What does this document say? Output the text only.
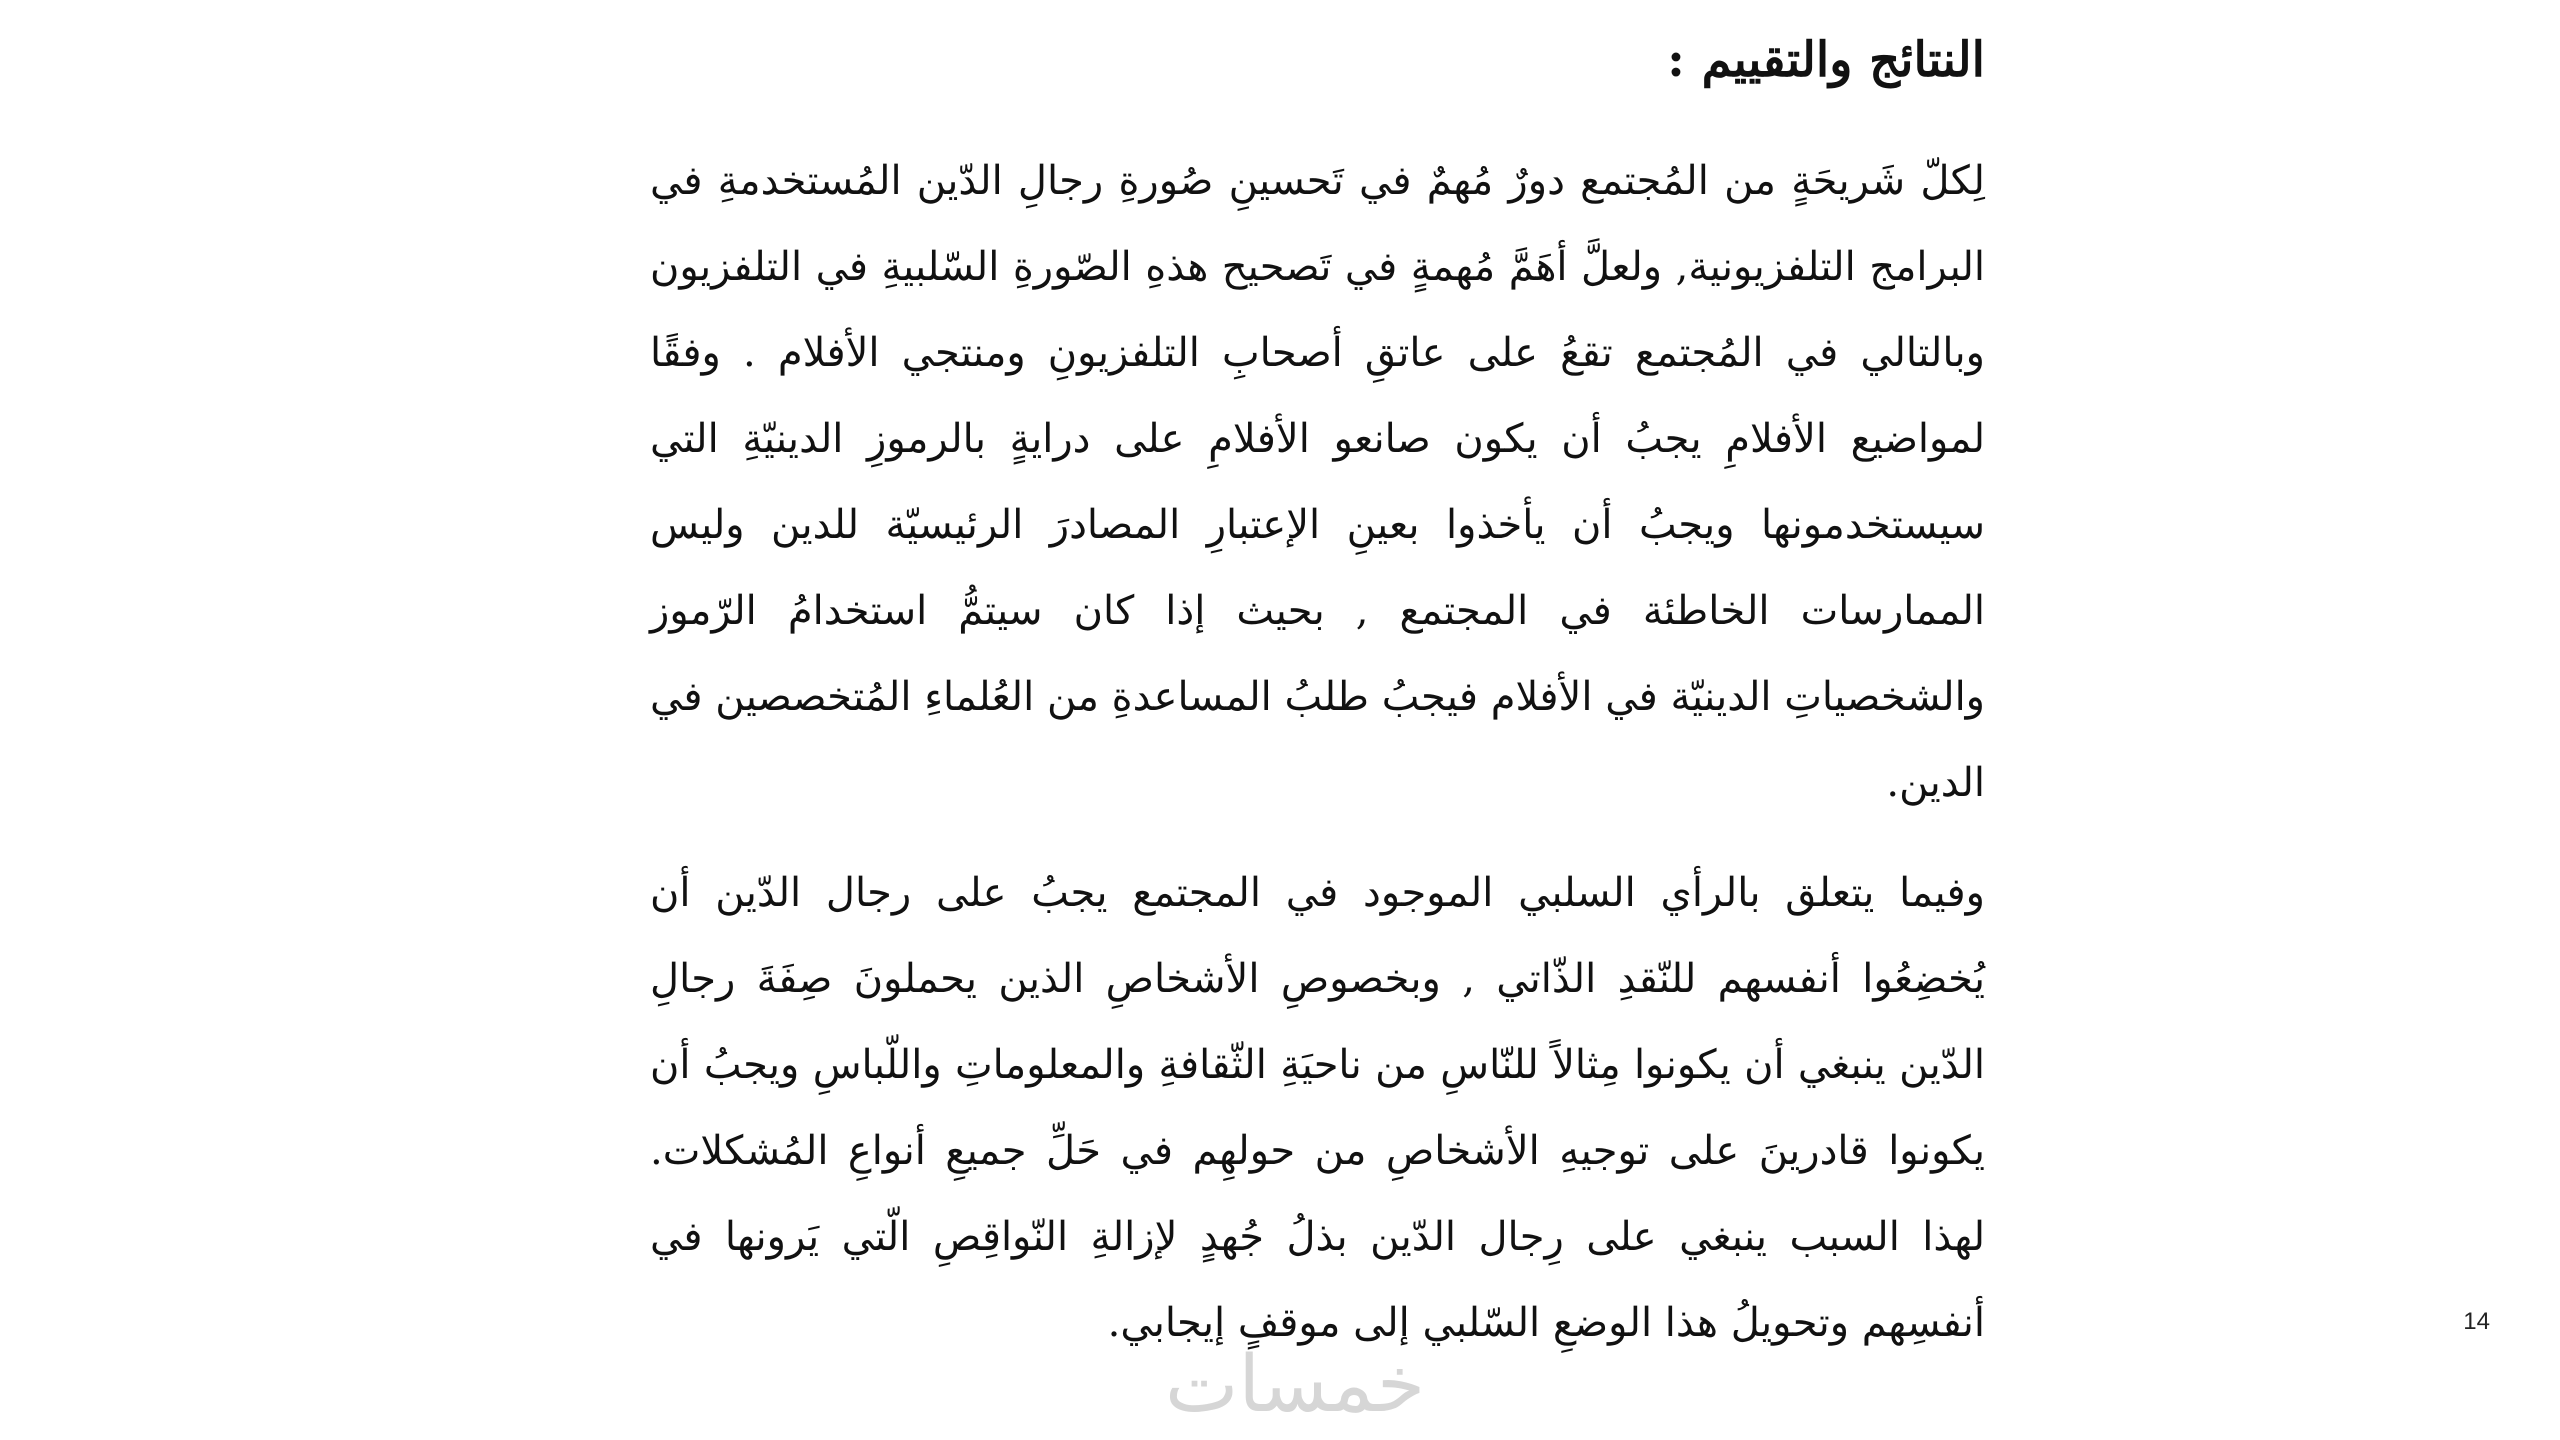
النتائج والتقييم :

لِكلّ شَريحَةٍ من المُجتمع دورٌ مُهمٌ في تَحسينِ صُورةِ رجالِ الدّين المُستخدمةِ في البرامج التلفزيونية, ولعلَّ أهَمَّ مُهمةٍ في تَصحيح هذهِ الصّورةِ السّلبيةِ في التلفزيون وبالتالي في المُجتمع تقعُ على عاتقِ أصحابِ التلفزيونِ ومنتجي الأفلام . وفقًا لمواضيع الأفلامِ يجبُ أن يكون صانعو الأفلامِ على درايةٍ بالرموزِ الدينيّةِ التي سيستخدمونها ويجبُ أن يأخذوا بعينِ الإعتبارِ المصادرَ الرئيسيّة للدين وليس الممارسات الخاطئة في المجتمع , بحيث إذا كان سيتمُّ استخدامُ الرّموز والشخصياتِ الدينيّة في الأفلام فيجبُ طلبُ المساعدةِ من العُلماءِ المُتخصصين في الدين.

وفيما يتعلق بالرأي السلبي الموجود في المجتمع يجبُ على رجال الدّين أن يُخضِعُوا أنفسهم للنّقدِ الذّاتي , وبخصوصِ الأشخاصِ الذين يحملونَ صِفَةَ رجالِ الدّين ينبغي أن يكونوا مِثالاً للنّاسِ من ناحيَةِ الثّقافةِ والمعلوماتِ واللّباسِ ويجبُ أن يكونوا قادرينَ على توجيهِ الأشخاصِ من حولهِم في حَلِّ جميعِ أنواعِ المُشكلات. لهذا السبب ينبغي على رِجال الدّين بذلُ جُهدٍ لإزالةِ النّواقِصِ الّتي يَرونها في أنفسِهم وتحويلُ هذا الوضعِ السّلبي إلى موقفٍ إيجابي.	14
خمسات
